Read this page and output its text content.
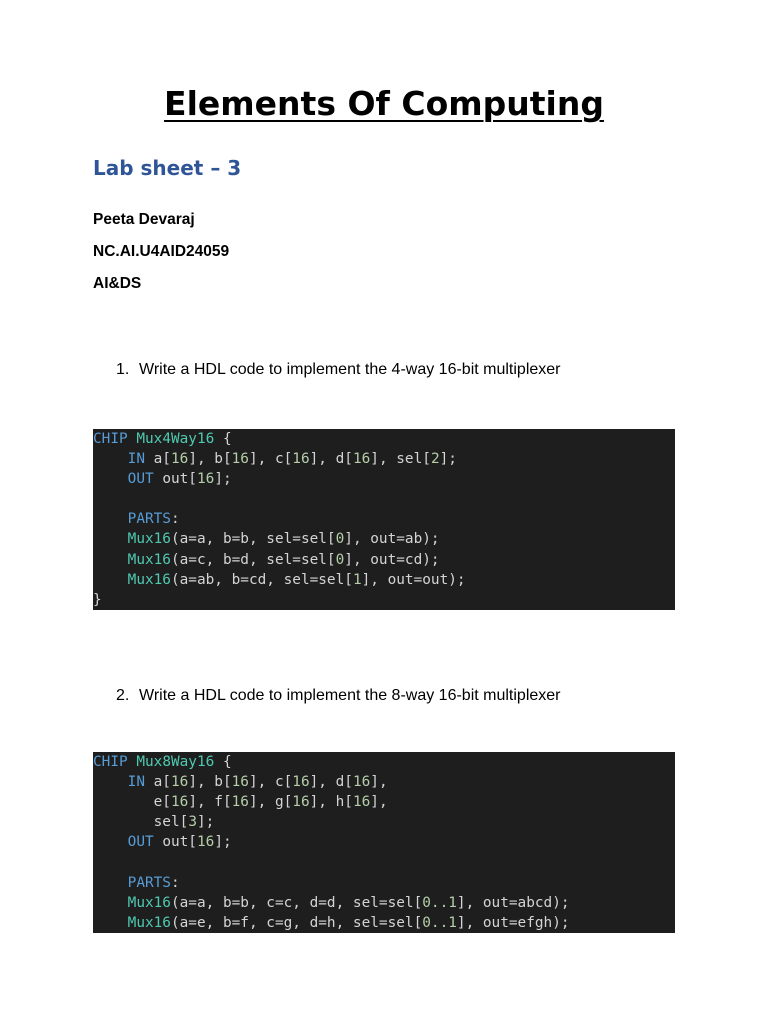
Elements Of Computing
Lab sheet – 3

Peeta Devaraj

NC.AI.U4AID24059

AI&DS

1. Write a HDL code to implement the 4-way 16-bit multiplexer

CHIP Mux4Way16 {
IN a[16], b[16], c[16], d[16], sel[2];
OUT out[16];
PARTS:
Mux16(a=a, b=b, sel=sel[0], out=ab);
Mux16(a=c, b=d, sel=sel[0], out=cd);
Mux16(a=ab, b=cd, sel=sel[1], out=out);
}

2. Write a HDL code to implement the 8-way 16-bit multiplexer

CHIP Mux8Way16 {
IN a[16], b[16], c[16], d[16],
e[16], f[16], g[16], h[16],
sel[3];
OUT out[16];
PARTS:
Mux16(a=a, b=b, c=c, d=d, sel=sel[0..1], out=abcd);
Mux16(a=e, b=f, c=g, d=h, sel=sel[0..1], out=efgh);
